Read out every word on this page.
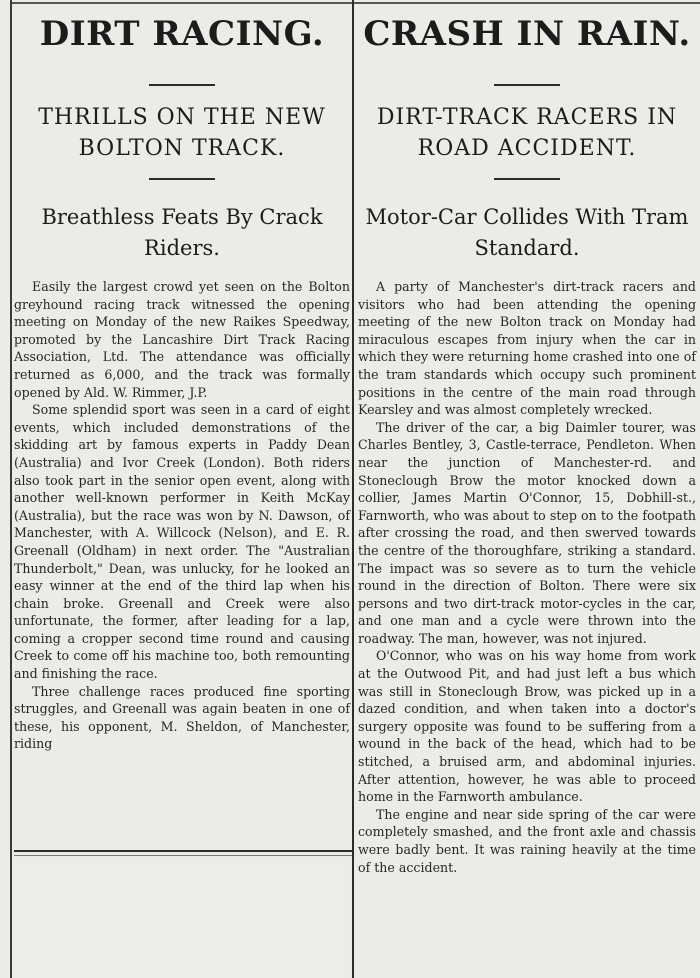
DIRT RACING.
THRILLS ON THE NEW BOLTON TRACK.
Breathless Feats By Crack Riders.

Easily the largest crowd yet seen on the Bolton greyhound racing track witnessed the opening meeting on Monday of the new Raikes Speedway, promoted by the Lancashire Dirt Track Racing Association, Ltd. The attendance was officially returned as 6,000, and the track was formally opened by Ald. W. Rimmer, J.P.

Some splendid sport was seen in a card of eight events, which included demonstrations of the skidding art by famous experts in Paddy Dean (Australia) and Ivor Creek (London). Both riders also took part in the senior open event, along with another well-known performer in Keith McKay (Australia), but the race was won by N. Dawson, of Manchester, with A. Willcock (Nelson), and E. R. Greenall (Oldham) in next order. The "Australian Thunderbolt," Dean, was unlucky, for he looked an easy winner at the end of the third lap when his chain broke. Greenall and Creek were also unfortunate, the former, after leading for a lap, coming a cropper second time round and causing Creek to come off his machine too, both remounting and finishing the race.

Three challenge races produced fine sporting struggles, and Greenall was again beaten in one of these, his opponent, M. Sheldon, of Manchester, riding

CRASH IN RAIN.
DIRT-TRACK RACERS IN ROAD ACCIDENT.
Motor-Car Collides With Tram Standard.

A party of Manchester's dirt-track racers and visitors who had been attending the opening meeting of the new Bolton track on Monday had miraculous escapes from injury when the car in which they were returning home crashed into one of the tram standards which occupy such prominent positions in the centre of the main road through Kearsley and was almost completely wrecked.

The driver of the car, a big Daimler tourer, was Charles Bentley, 3, Castle-terrace, Pendleton. When near the junction of Manchester-rd. and Stoneclough Brow the motor knocked down a collier, James Martin O'Connor, 15, Dobhill-st., Farnworth, who was about to step on to the footpath after crossing the road, and then swerved towards the centre of the thoroughfare, striking a standard. The impact was so severe as to turn the vehicle round in the direction of Bolton. There were six persons and two dirt-track motor-cycles in the car, and one man and a cycle were thrown into the roadway. The man, however, was not injured.

O'Connor, who was on his way home from work at the Outwood Pit, and had just left a bus which was still in Stoneclough Brow, was picked up in a dazed condition, and when taken into a doctor's surgery opposite was found to be suffering from a wound in the back of the head, which had to be stitched, a bruised arm, and abdominal injuries. After attention, however, he was able to proceed home in the Farnworth ambulance.

The engine and near side spring of the car were completely smashed, and the front axle and chassis were badly bent. It was raining heavily at the time of the accident.
